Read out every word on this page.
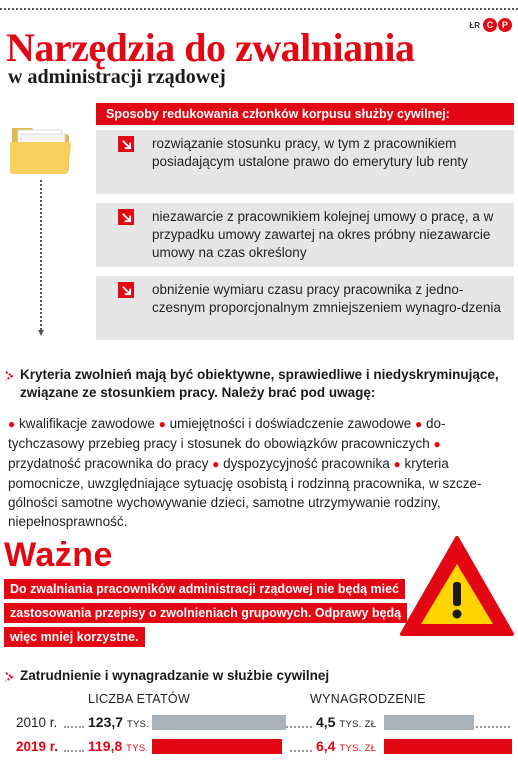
ŁR C P
Narzędzia do zwalniania
w administracji rządowej
Sposoby redukowania członków korpusu służby cywilnej:
rozwiązanie stosunku pracy, w tym z pracownikiem posiadającym ustalone prawo do emerytury lub renty
niezawarcie z pracownikiem kolejnej umowy o pracę, a w przypadku umowy zawartej na okres próbny niezawarcie umowy na czas określony
obniżenie wymiaru czasu pracy pracownika z jedno-czesnym proporcjonalnym zmniejszeniem wynagro-dzenia
Kryteria zwolnień mają być obiektywne, sprawiedliwe i niedyskryminujące, związane ze stosunkiem pracy. Należy brać pod uwagę:
● kwalifikacje zawodowe ● umiejętności i doświadczenie zawodowe ● do-tychczasowy przebieg pracy i stosunek do obowiązków pracowniczych ● przydatność pracownika do pracy ● dyspozycyjność pracownika ● kryteria pomocnicze, uwzględniające sytuację osobistą i rodzinną pracownika, w szcze-gólności samotne wychowywanie dzieci, samotne utrzymywanie rodziny, niepełnosprawność.
Ważne
Do zwalniania pracowników administracji rządowej nie będą mieć
zastosowania przepisy o zwolnieniach grupowych. Odprawy będą
więc mniej korzystne.
Zatrudnienie i wynagradzanie w służbie cywilnej
LICZBA ETATÓW	WYNAGRODZENIE
2010 r. 123,7 TYS.	4,5 TYS. ZŁ
2019 r. 119,8 TYS.	6,4 TYS. ZŁ
